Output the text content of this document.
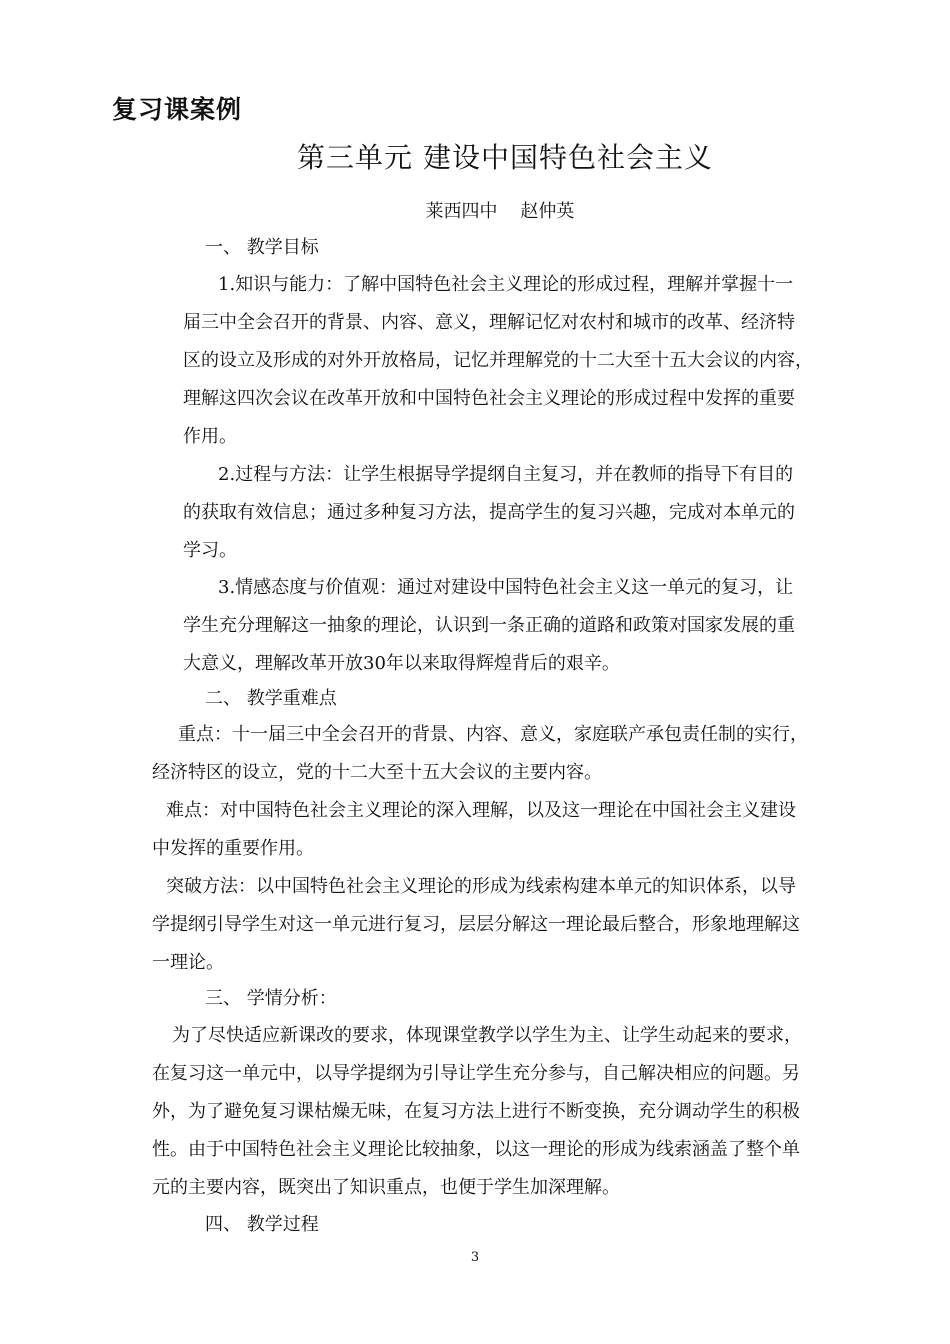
复习课案例
第三单元 建设中国特色社会主义
莱西四中    赵仲英
一、 教学目标
1.知识与能力：了解中国特色社会主义理论的形成过程，理解并掌握十一
届三中全会召开的背景、内容、意义，理解记忆对农村和城市的改革、经济特
区的设立及形成的对外开放格局，记忆并理解党的十二大至十五大会议的内容，
理解这四次会议在改革开放和中国特色社会主义理论的形成过程中发挥的重要
作用。
2.过程与方法：让学生根据导学提纲自主复习，并在教师的指导下有目的
的获取有效信息；通过多种复习方法，提高学生的复习兴趣，完成对本单元的
学习。
3.情感态度与价值观：通过对建设中国特色社会主义这一单元的复习，让
学生充分理解这一抽象的理论，认识到一条正确的道路和政策对国家发展的重
大意义，理解改革开放30年以来取得辉煌背后的艰辛。
二、 教学重难点
重点：十一届三中全会召开的背景、内容、意义，家庭联产承包责任制的实行，
经济特区的设立，党的十二大至十五大会议的主要内容。
难点：对中国特色社会主义理论的深入理解，以及这一理论在中国社会主义建设
中发挥的重要作用。
突破方法：以中国特色社会主义理论的形成为线索构建本单元的知识体系，以导
学提纲引导学生对这一单元进行复习，层层分解这一理论最后整合，形象地理解这
一理论。
三、 学情分析：
为了尽快适应新课改的要求，体现课堂教学以学生为主、让学生动起来的要求，
在复习这一单元中，以导学提纲为引导让学生充分参与，自己解决相应的问题。另
外，为了避免复习课枯燥无味，在复习方法上进行不断变换，充分调动学生的积极
性。由于中国特色社会主义理论比较抽象，以这一理论的形成为线索涵盖了整个单
元的主要内容，既突出了知识重点，也便于学生加深理解。
四、 教学过程
3
